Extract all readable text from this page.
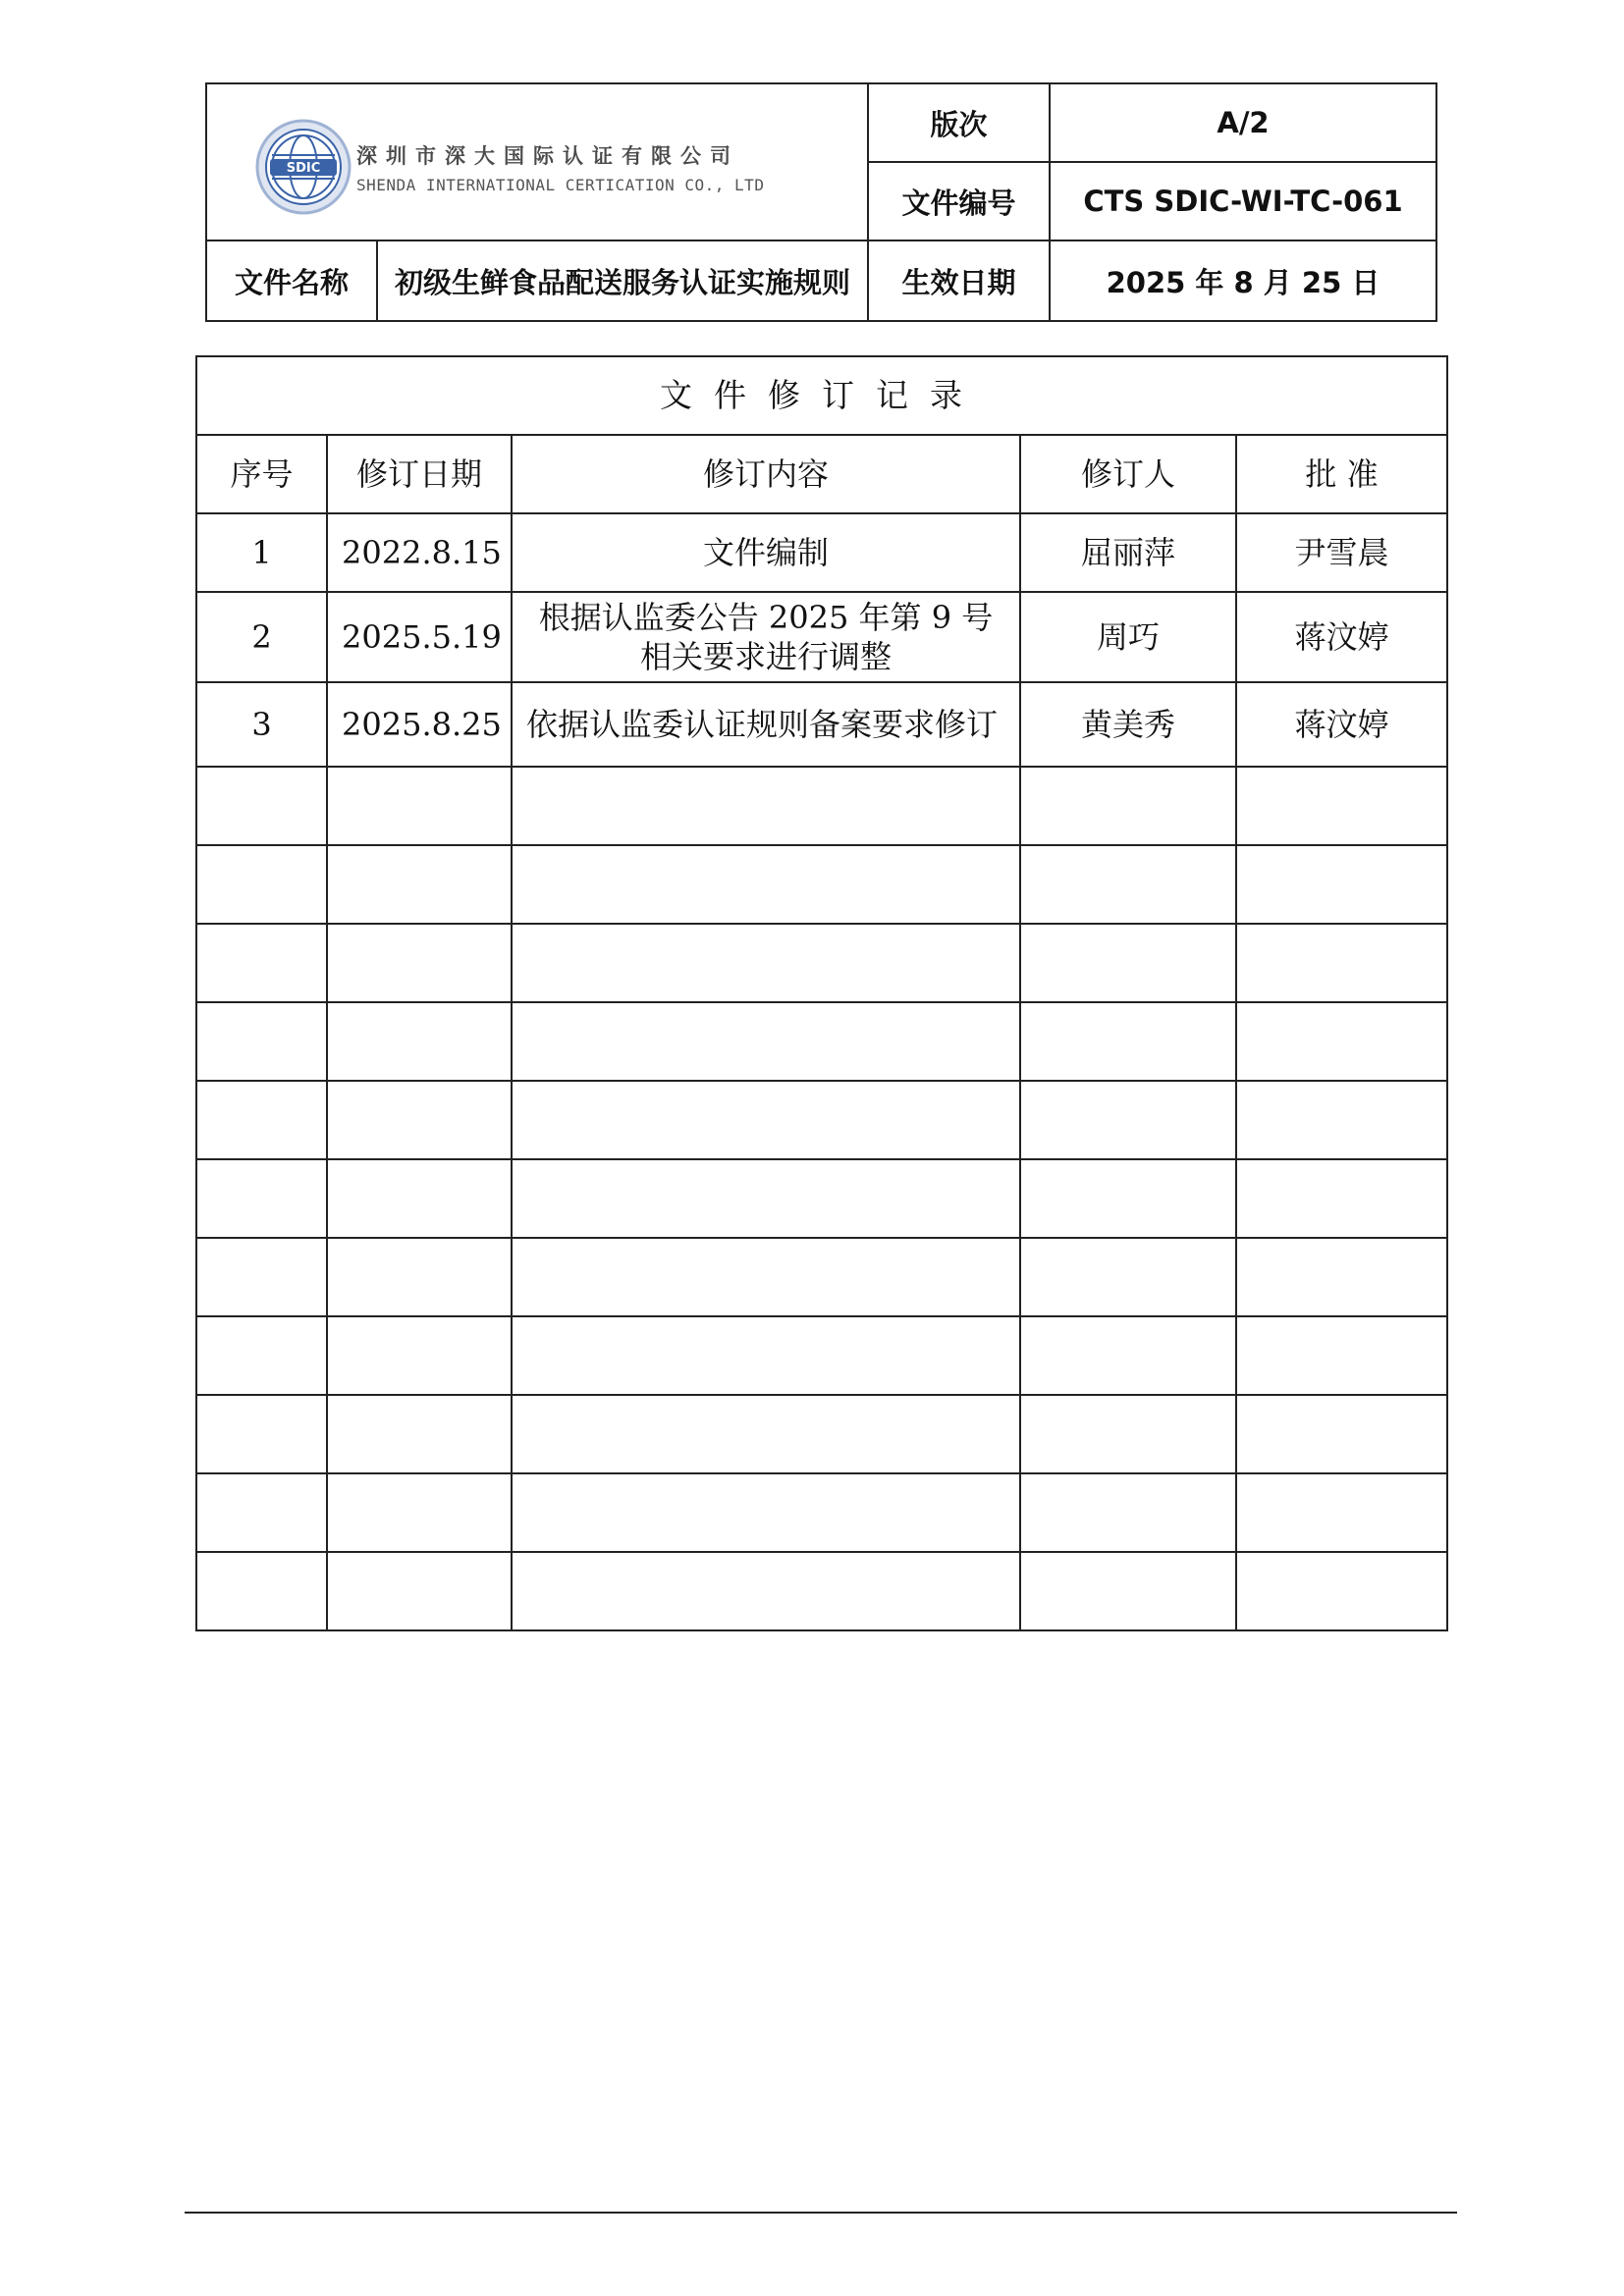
SDIC
深圳市深大国际认证有限公司
SHENDA INTERNATIONAL CERTICATION CO., LTD		版次	A/2
		文件编号	CTS SDIC-WI-TC-061
文件名称	初级生鲜食品配送服务认证实施规则	生效日期	2025 年 8 月 25 日
文件修订记录				
序号	修订日期	修订内容	修订人	批 准
1	2022.8.15	文件编制	屈丽萍	尹雪晨
2	2025.5.19	根据认监委公告 2025 年第 9 号相关要求进行调整	周巧	蒋汶婷
3	2025.8.25	依据认监委认证规则备案要求修订	黄美秀	蒋汶婷
